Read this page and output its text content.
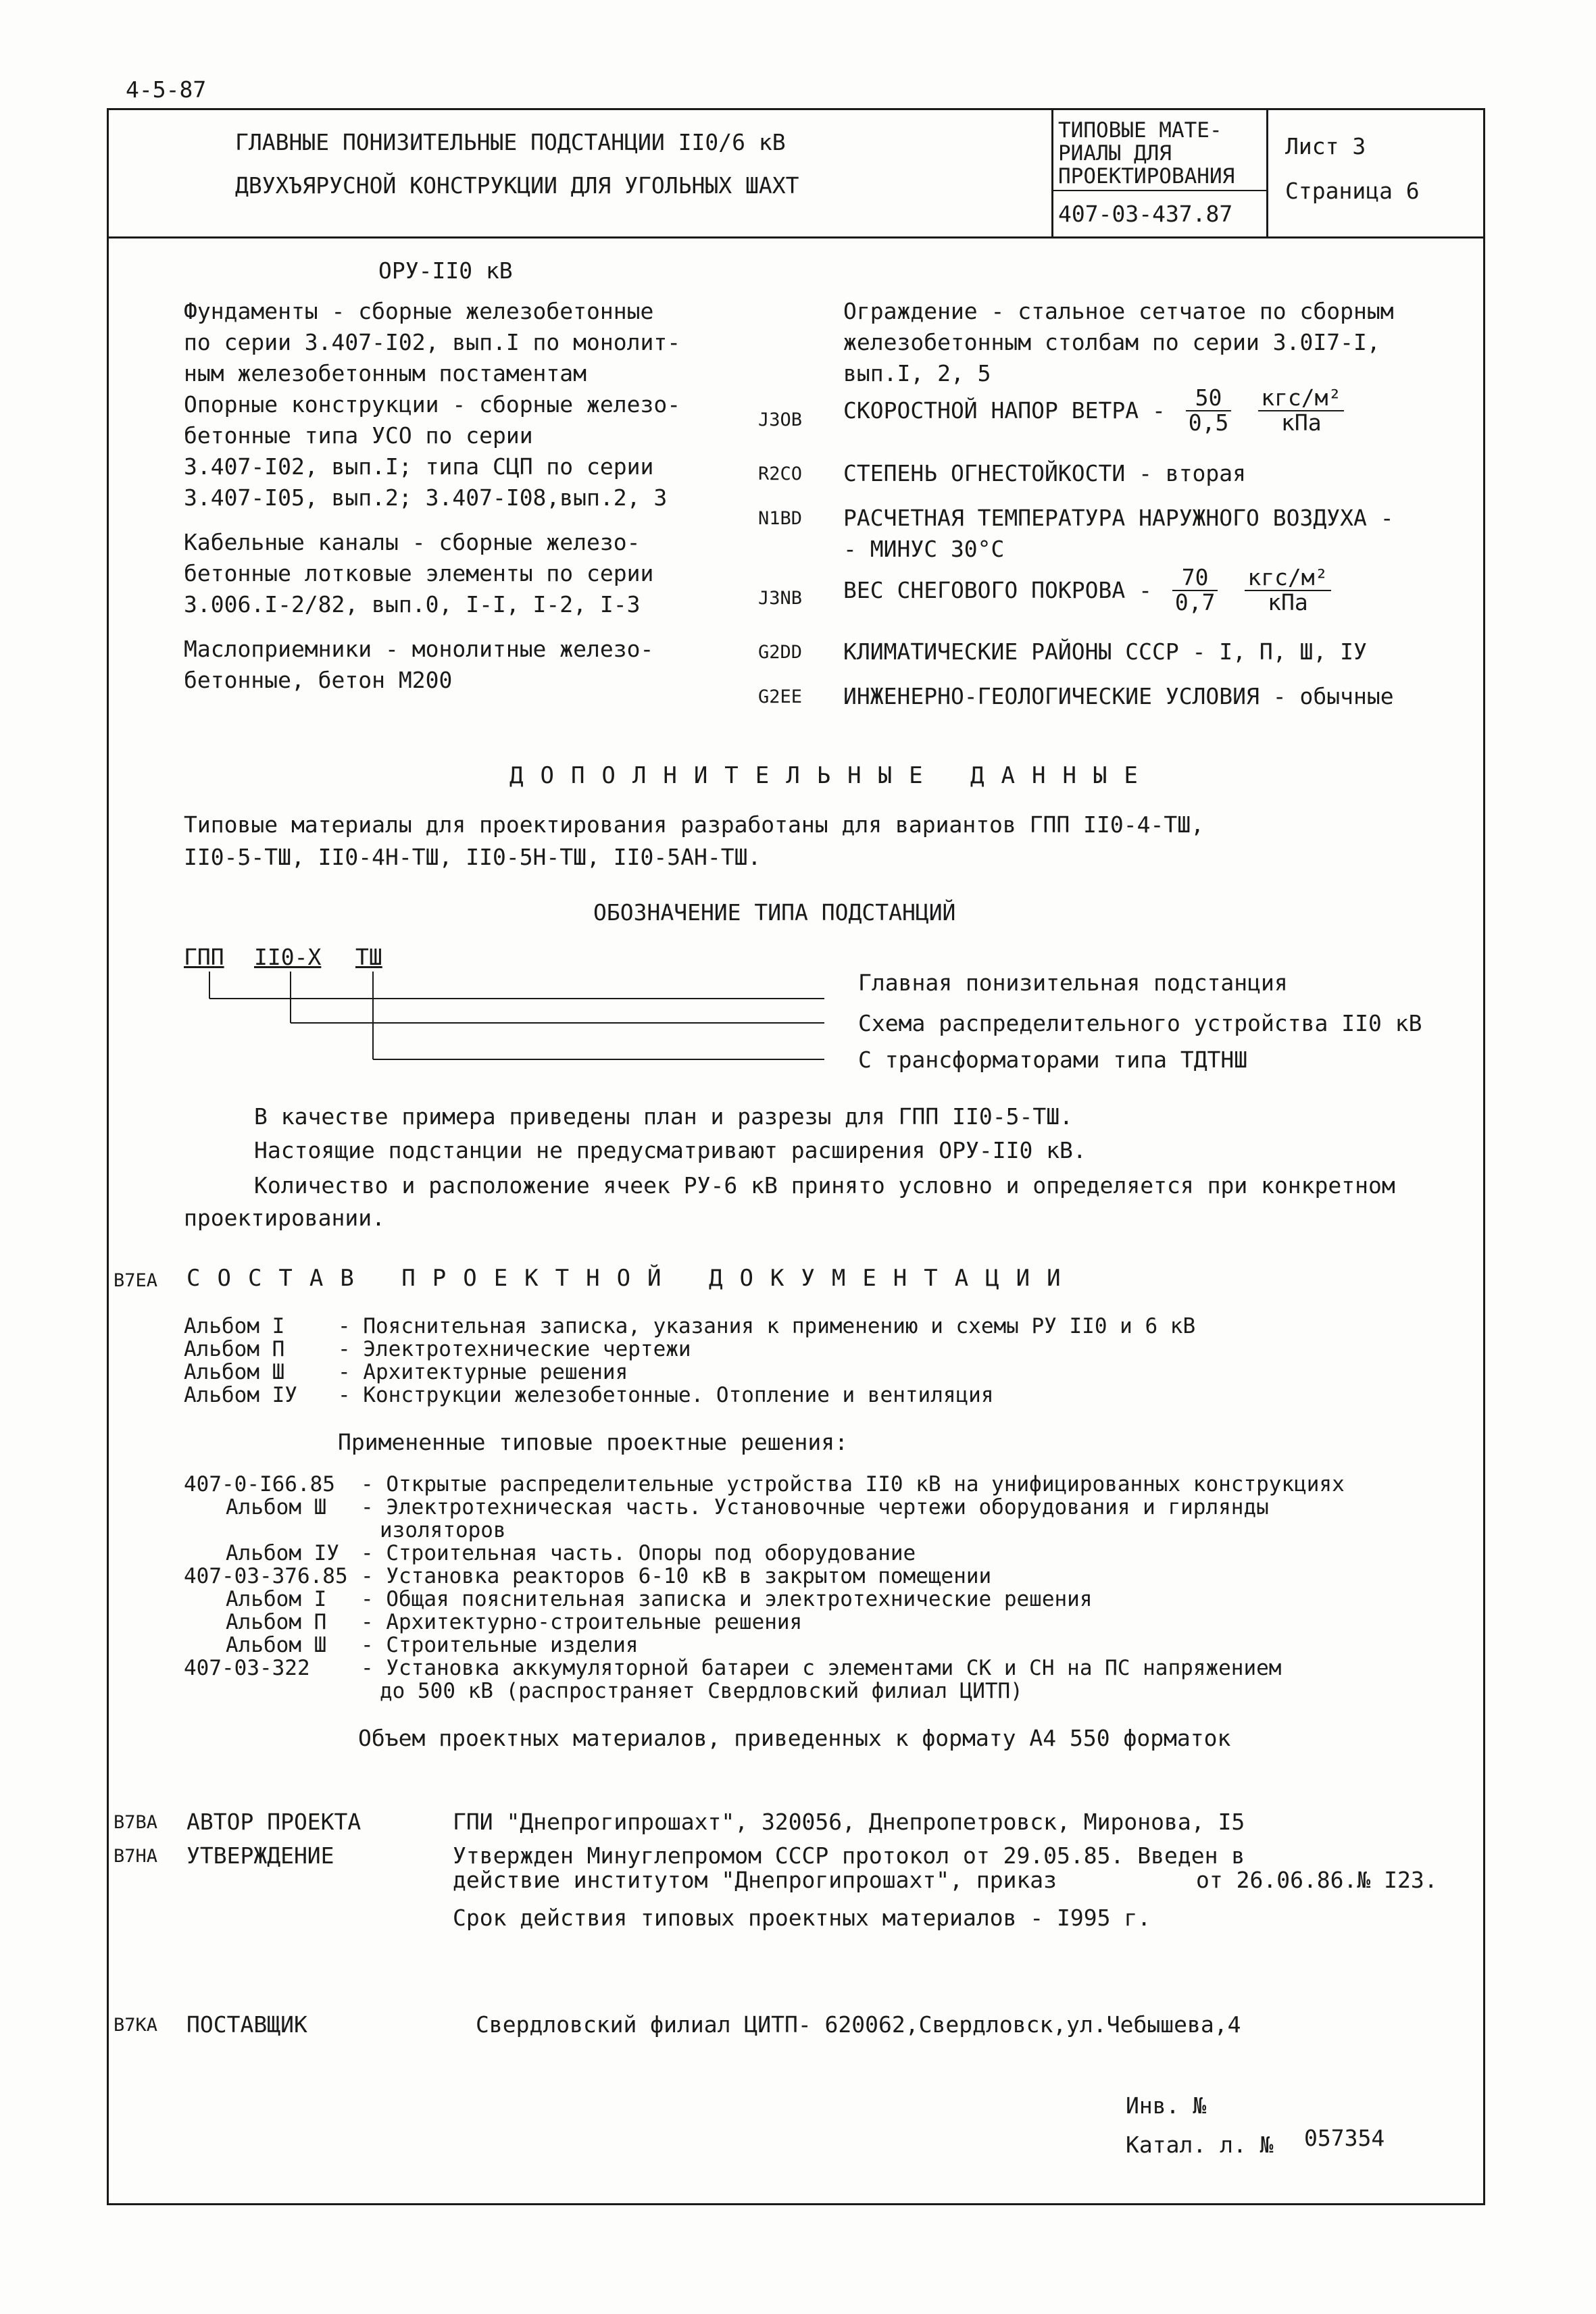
4-5-87
ГЛАВНЫЕ ПОНИЗИТЕЛЬНЫЕ ПОДСТАНЦИИ II0/6 кВ
ДВУХЪЯРУСНОЙ КОНСТРУКЦИИ ДЛЯ УГОЛЬНЫХ ШАХТ
ТИПОВЫЕ МАТЕ-
РИАЛЫ ДЛЯ
ПРОЕКТИРОВАНИЯ
407-03-437.87
Лист 3
Страница 6
ОРУ-II0 кВ
Фундаменты - сборные железобетонные
по серии 3.407-I02, вып.I по монолит-
ным железобетонным постаментам
Опорные конструкции - сборные железо-
бетонные типа УСО по серии
3.407-I02, вып.I; типа СЦП по серии
3.407-I05, вып.2; 3.407-I08,вып.2, 3
Кабельные каналы - сборные железо-
бетонные лотковые элементы по серии
3.006.I-2/82, вып.0, I-I, I-2, I-3
Маслоприемники - монолитные железо-
бетонные, бетон М200
Ограждение - стальное сетчатое по сборным
железобетонным столбам по серии 3.0I7-I,
вып.I, 2, 5
J3OB СКОРОСТНОЙ НАПОР ВЕТРА - $\frac{50}{0,5}$
$\frac{\text{кгс/м²}}{\text{кПа}}$
R2CO СТЕПЕНЬ ОГНЕСТОЙКОСТИ - вторая
N1BD РАСЧЕТНАЯ ТЕМПЕРАТУРА НАРУЖНОГО ВОЗДУХА -
- МИНУС 30°С
J3NB ВЕС СНЕГОВОГО ПОКРОВА - $\frac{70}{0,7}$
$\frac{\text{кгс/м²}}{\text{кПа}}$
G2DD КЛИМАТИЧЕСКИЕ РАЙОНЫ СССР - I, П, Ш, IУ
G2EE ИНЖЕНЕРНО-ГЕОЛОГИЧЕСКИЕ УСЛОВИЯ - обычные
ДОПОЛНИТЕЛЬНЫЕ ДАННЫЕ
Типовые материалы для проектирования разработаны для вариантов ГПП II0-4-ТШ,
II0-5-ТШ, II0-4Н-ТШ, II0-5Н-ТШ, II0-5АН-ТШ.
ОБОЗНАЧЕНИЕ ТИПА ПОДСТАНЦИЙ
ГПП II0-Х ТШ
Главная понизительная подстанция
Схема распределительного устройства II0 кВ
С трансформаторами типа ТДТНШ
В качестве примера приведены план и разрезы для ГПП II0-5-ТШ.
Настоящие подстанции не предусматривают расширения ОРУ-II0 кВ.
Количество и расположение ячеек РУ-6 кВ принято условно и определяется при конкретном
проектировании.
B7EA СОСТАВ ПРОЕКТНОЙ ДОКУМЕНТАЦИИ
Альбом I	- Пояснительная записка, указания к применению и схемы РУ II0 и 6 кВ
Альбом П	- Электротехнические чертежи
Альбом Ш	- Архитектурные решения
Альбом IУ - Конструкции железобетонные. Отопление и вентиляция
Примененные типовые проектные решения:
407-0-I66.85 - Открытые распределительные устройства II0 кВ на унифицированных конструкциях
Альбом Ш - Электротехническая часть. Установочные чертежи оборудования и гирлянды
изоляторов
Альбом IУ - Строительная часть. Опоры под оборудование
407-03-376.85 - Установка реакторов 6-10 кВ в закрытом помещении
Альбом I - Общая пояснительная записка и электротехнические решения
Альбом П - Архитектурно-строительные решения
Альбом Ш - Строительные изделия
407-03-322 - Установка аккумуляторной батареи с элементами СК и СН на ПС напряжением
до 500 кВ (распространяет Свердловский филиал ЦИТП)
Объем проектных материалов, приведенных к формату А4 550 форматок
B7BA АВТОР ПРОЕКТА	ГПИ "Днепрогипрошахт", 320056, Днепропетровск, Миронова, I5
B7HA УТВЕРЖДЕНИЕ	Утвержден Минуглепромом СССР протокол от 29.05.85. Введен в
действие институтом "Днепрогипрошахт", приказ	от 26.06.86.№ I23.
Срок действия типовых проектных материалов - I995 г.
B7KA ПОСТАВЩИК	Свердловский филиал ЦИТП- 620062,Свердловск,ул.Чебышева,4
Инв. №
Катал. л. № 057354
